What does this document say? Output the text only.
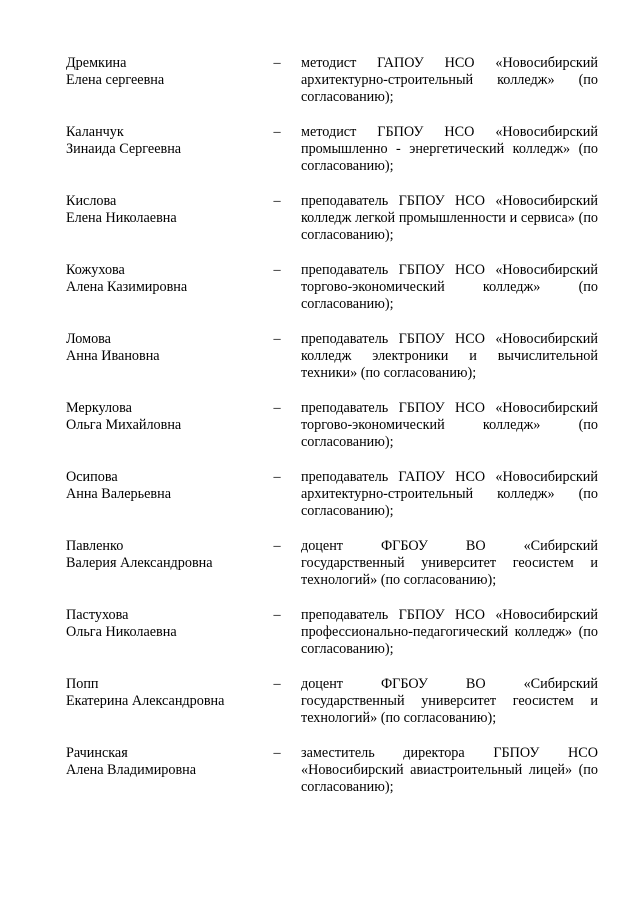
Дремкина
Елена сергеевна
– методист ГАПОУ НСО «Новосибирский архитектурно-строительный колледж» (по согласованию);
Каланчук
Зинаида Сергеевна
– методист ГБПОУ НСО «Новосибирский промышленно - энергетический колледж» (по согласованию);
Кислова
Елена Николаевна
– преподаватель ГБПОУ НСО «Новосибирский колледж легкой промышленности и сервиса» (по согласованию);
Кожухова
Алена Казимировна
– преподаватель ГБПОУ НСО «Новосибирский торгово-экономический колледж» (по согласованию);
Ломова
Анна Ивановна
– преподаватель ГБПОУ НСО «Новосибирский колледж электроники и вычислительной техники» (по согласованию);
Меркулова
Ольга Михайловна
– преподаватель ГБПОУ НСО «Новосибирский торгово-экономический колледж» (по согласованию);
Осипова
Анна Валерьевна
– преподаватель ГАПОУ НСО «Новосибирский архитектурно-строительный колледж» (по согласованию);
Павленко
Валерия Александровна
– доцент ФГБОУ ВО «Сибирский государственный университет геосистем и технологий» (по согласованию);
Пастухова
Ольга Николаевна
– преподаватель ГБПОУ НСО «Новосибирский профессионально-педагогический колледж» (по согласованию);
Попп
Екатерина Александровна
– доцент ФГБОУ ВО «Сибирский государственный университет геосистем и технологий» (по согласованию);
Рачинская
Алена Владимировна
– заместитель директора ГБПОУ НСО «Новосибирский авиастроительный лицей» (по согласованию);
